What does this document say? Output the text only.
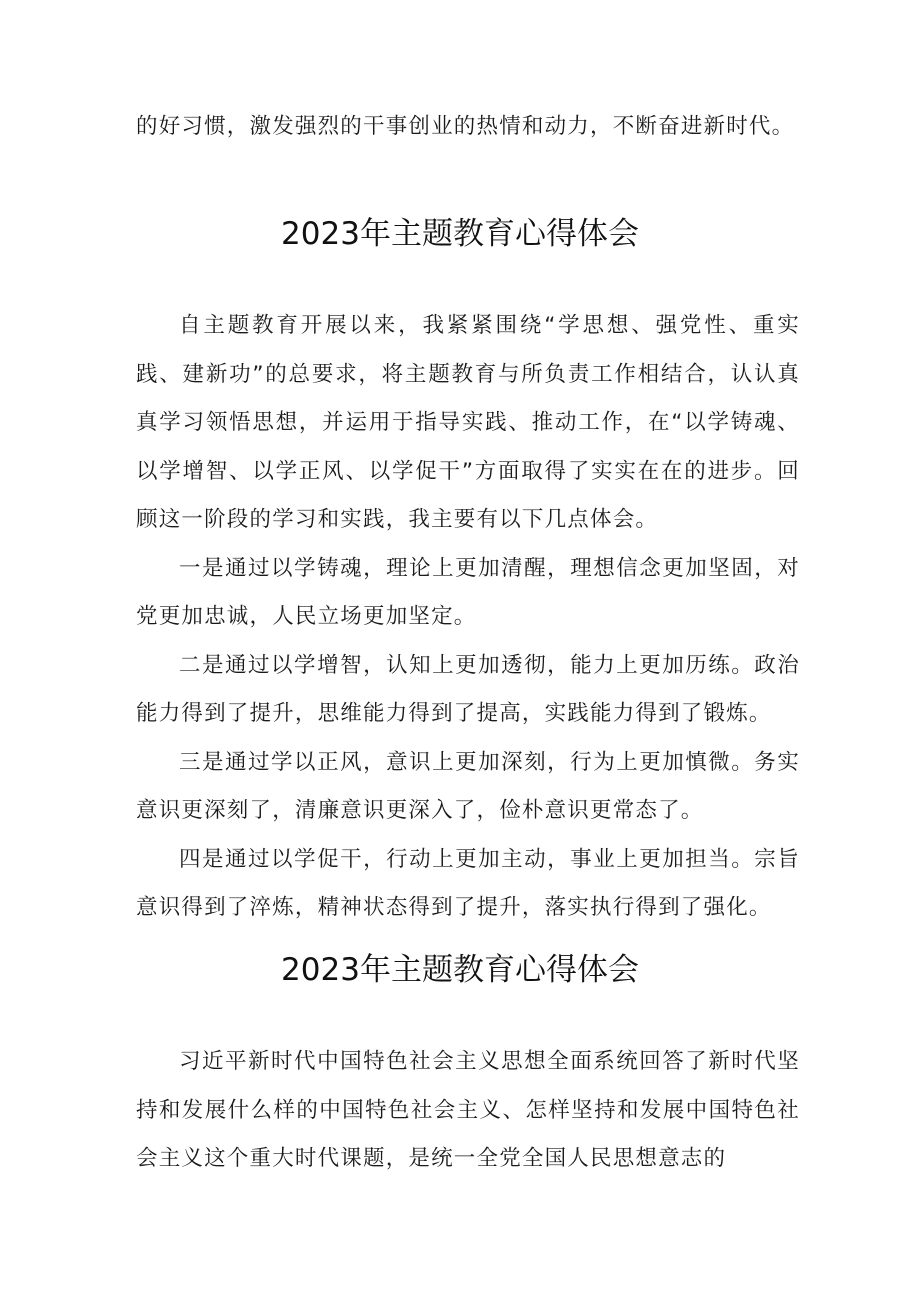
的好习惯，激发强烈的干事创业的热情和动力，不断奋进新时代。

2023年主题教育心得体会

自主题教育开展以来，我紧紧围绕“学思想、强党性、重实践、建新功”的总要求，将主题教育与所负责工作相结合，认认真真学习领悟思想，并运用于指导实践、推动工作，在“以学铸魂、以学增智、以学正风、以学促干”方面取得了实实在在的进步。回顾这一阶段的学习和实践，我主要有以下几点体会。

一是通过以学铸魂，理论上更加清醒，理想信念更加坚固，对党更加忠诚，人民立场更加坚定。

二是通过以学增智，认知上更加透彻，能力上更加历练。政治能力得到了提升，思维能力得到了提高，实践能力得到了锻炼。

三是通过学以正风，意识上更加深刻，行为上更加慎微。务实意识更深刻了，清廉意识更深入了，俭朴意识更常态了。

四是通过以学促干，行动上更加主动，事业上更加担当。宗旨意识得到了淬炼，精神状态得到了提升，落实执行得到了强化。

2023年主题教育心得体会

习近平新时代中国特色社会主义思想全面系统回答了新时代坚持和发展什么样的中国特色社会主义、怎样坚持和发展中国特色社会主义这个重大时代课题，是统一全党全国人民思想意志的
